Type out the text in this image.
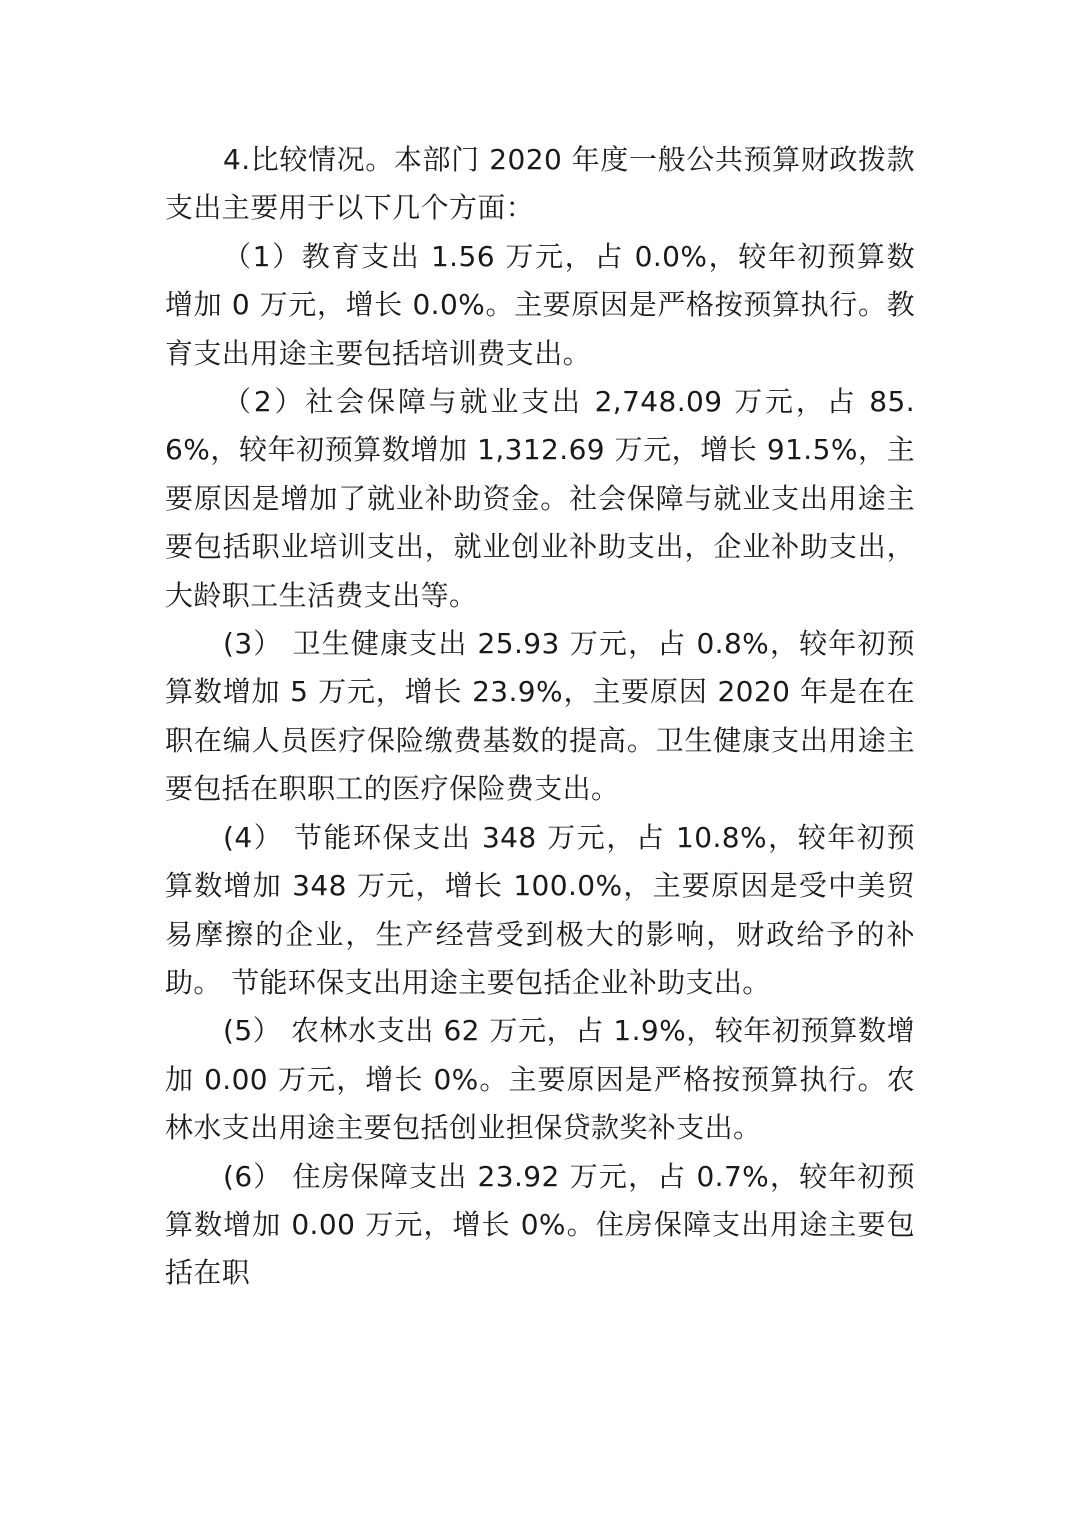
4.比较情况。本部门 2020 年度一般公共预算财政拨款支出主要用于以下几个方面：

（1）教育支出 1.56 万元，占 0.0%，较年初预算数增加 0 万元，增长 0.0%。主要原因是严格按预算执行。教育支出用途主要包括培训费支出。

（2）社会保障与就业支出 2,748.09 万元，占 85.6%，较年初预算数增加 1,312.69 万元，增长 91.5%，主要原因是增加了就业补助资金。社会保障与就业支出用途主要包括职业培训支出，就业创业补助支出，企业补助支出，大龄职工生活费支出等。

(3） 卫生健康支出 25.93 万元，占 0.8%，较年初预算数增加 5 万元，增长 23.9%，主要原因 2020 年是在在职在编人员医疗保险缴费基数的提高。卫生健康支出用途主要包括在职职工的医疗保险费支出。

(4） 节能环保支出 348 万元，占 10.8%，较年初预算数增加 348 万元，增长 100.0%，主要原因是受中美贸易摩擦的企业，生产经营受到极大的影响，财政给予的补助。 节能环保支出用途主要包括企业补助支出。

(5） 农林水支出 62 万元，占 1.9%，较年初预算数增加 0.00 万元，增长 0%。主要原因是严格按预算执行。农林水支出用途主要包括创业担保贷款奖补支出。

(6） 住房保障支出 23.92 万元，占 0.7%，较年初预算数增加 0.00 万元，增长 0%。住房保障支出用途主要包括在职
